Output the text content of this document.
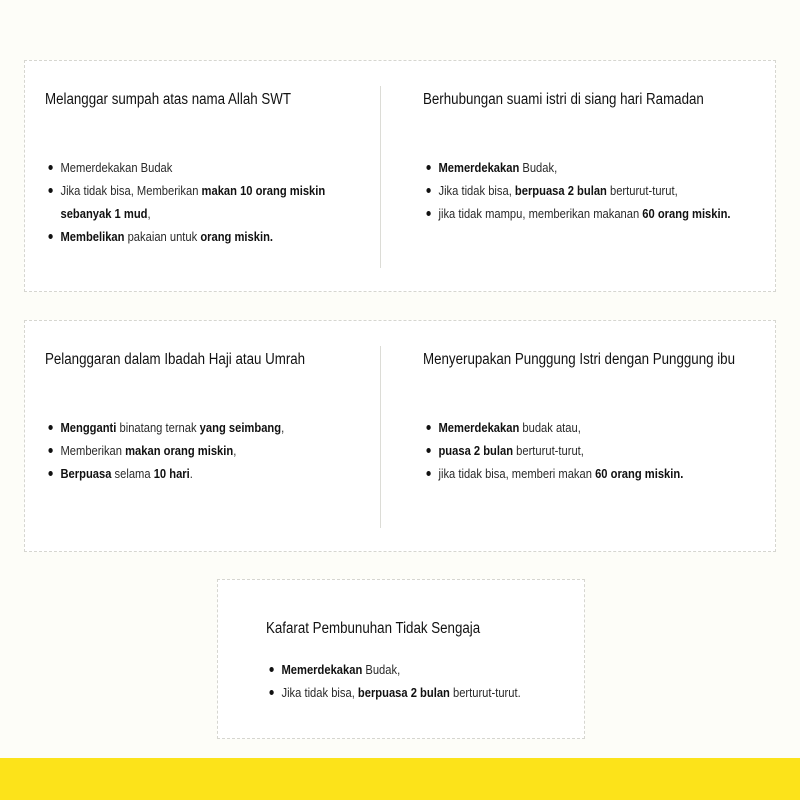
Melanggar sumpah atas nama Allah SWT
Memerdekakan Budak
Jika tidak bisa, Memberikan makan 10 orang miskin
sebanyak 1 mud,
Membelikan pakaian untuk orang miskin.
Berhubungan suami istri di siang hari Ramadan
Memerdekakan Budak,
Jika tidak bisa, berpuasa 2 bulan berturut-turut,
jika tidak mampu, memberikan makanan 60 orang miskin.
Pelanggaran dalam Ibadah Haji atau Umrah
Mengganti binatang ternak yang seimbang,
Memberikan makan orang miskin,
Berpuasa selama 10 hari.
Menyerupakan Punggung Istri dengan Punggung ibu
Memerdekakan budak atau,
puasa 2 bulan berturut-turut,
jika tidak bisa, memberi makan 60 orang miskin.
Kafarat Pembunuhan Tidak Sengaja
Memerdekakan Budak,
Jika tidak bisa, berpuasa 2 bulan berturut-turut.
